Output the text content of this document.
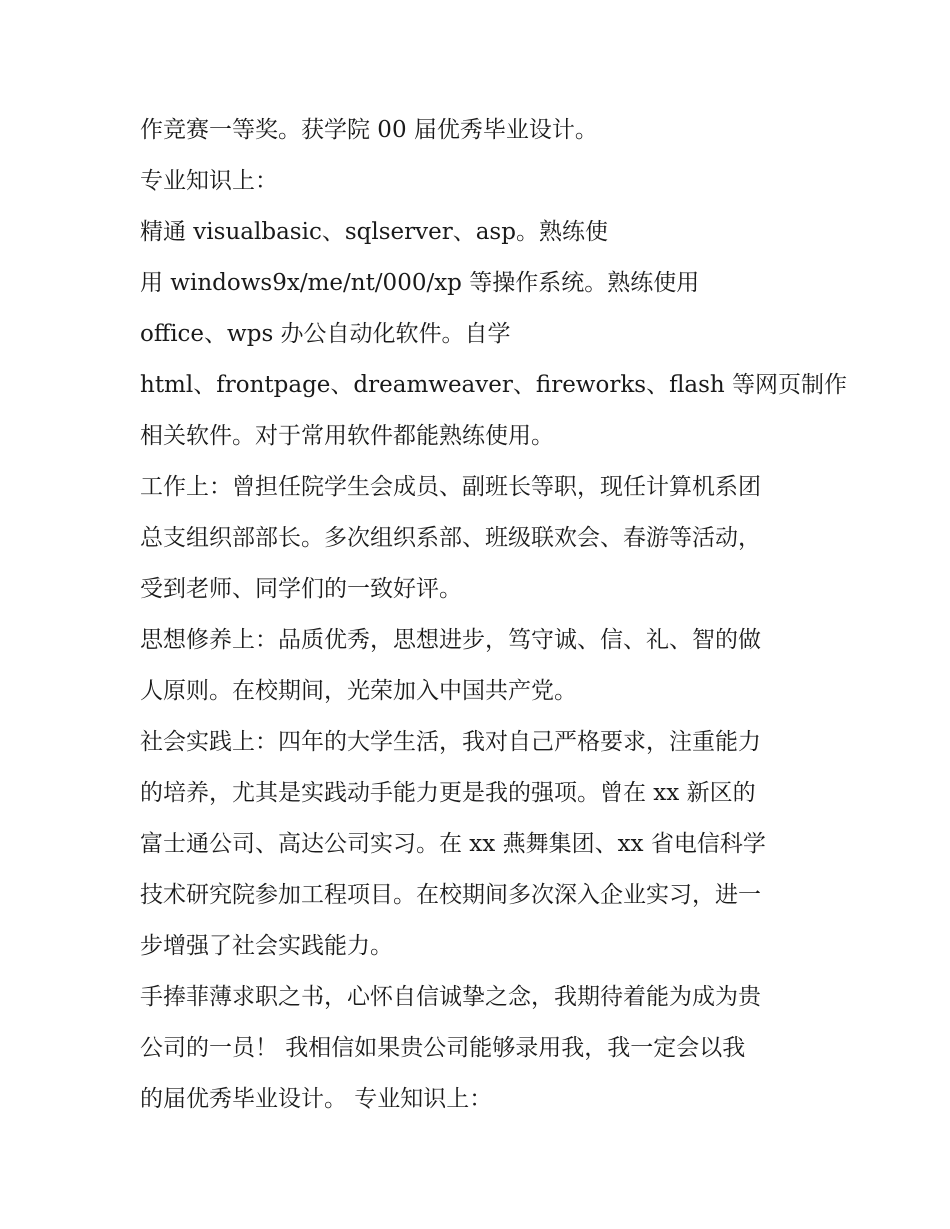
作竞赛一等奖。获学院 00 届优秀毕业设计。

专业知识上：

精通 visualbasic、sqlserver、asp。熟练使

用 windows9x/me/nt/000/xp 等操作系统。熟练使用

office、wps 办公自动化软件。自学

html、frontpage、dreamweaver、fireworks、flash 等网页制作

相关软件。对于常用软件都能熟练使用。

工作上：曾担任院学生会成员、副班长等职，现任计算机系团

总支组织部部长。多次组织系部、班级联欢会、春游等活动，

受到老师、同学们的一致好评。

思想修养上：品质优秀，思想进步，笃守诚、信、礼、智的做

人原则。在校期间，光荣加入中国共产党。

社会实践上：四年的大学生活，我对自己严格要求，注重能力

的培养，尤其是实践动手能力更是我的强项。曾在 xx 新区的

富士通公司、高达公司实习。在 xx 燕舞集团、xx 省电信科学

技术研究院参加工程项目。在校期间多次深入企业实习，进一

步增强了社会实践能力。

手捧菲薄求职之书，心怀自信诚挚之念，我期待着能为成为贵

公司的一员！ 我相信如果贵公司能够录用我，我一定会以我

的届优秀毕业设计。 专业知识上：
